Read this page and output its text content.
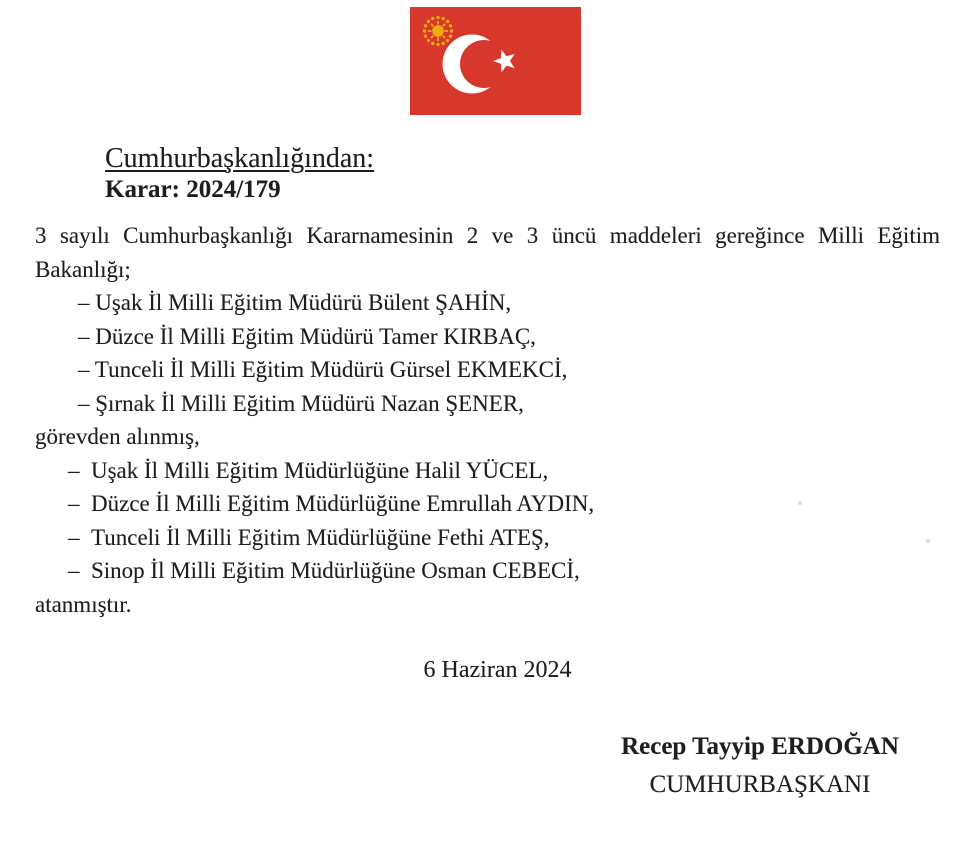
Cumhurbaşkanlığından:
Karar: 2024/179
3 sayılı Cumhurbaşkanlığı Kararnamesinin 2 ve 3 üncü maddeleri gereğince Milli Eğitim
Bakanlığı;
– Uşak İl Milli Eğitim Müdürü Bülent ŞAHİN,
– Düzce İl Milli Eğitim Müdürü Tamer KIRBAÇ,
– Tunceli İl Milli Eğitim Müdürü Gürsel EKMEKCİ,
– Şırnak İl Milli Eğitim Müdürü Nazan ŞENER,
görevden alınmış,
– Uşak İl Milli Eğitim Müdürlüğüne Halil YÜCEL,
– Düzce İl Milli Eğitim Müdürlüğüne Emrullah AYDIN,
– Tunceli İl Milli Eğitim Müdürlüğüne Fethi ATEŞ,
– Sinop İl Milli Eğitim Müdürlüğüne Osman CEBECİ,
atanmıştır.
6 Haziran 2024
Recep Tayyip ERDOĞAN
CUMHURBAŞKANI
